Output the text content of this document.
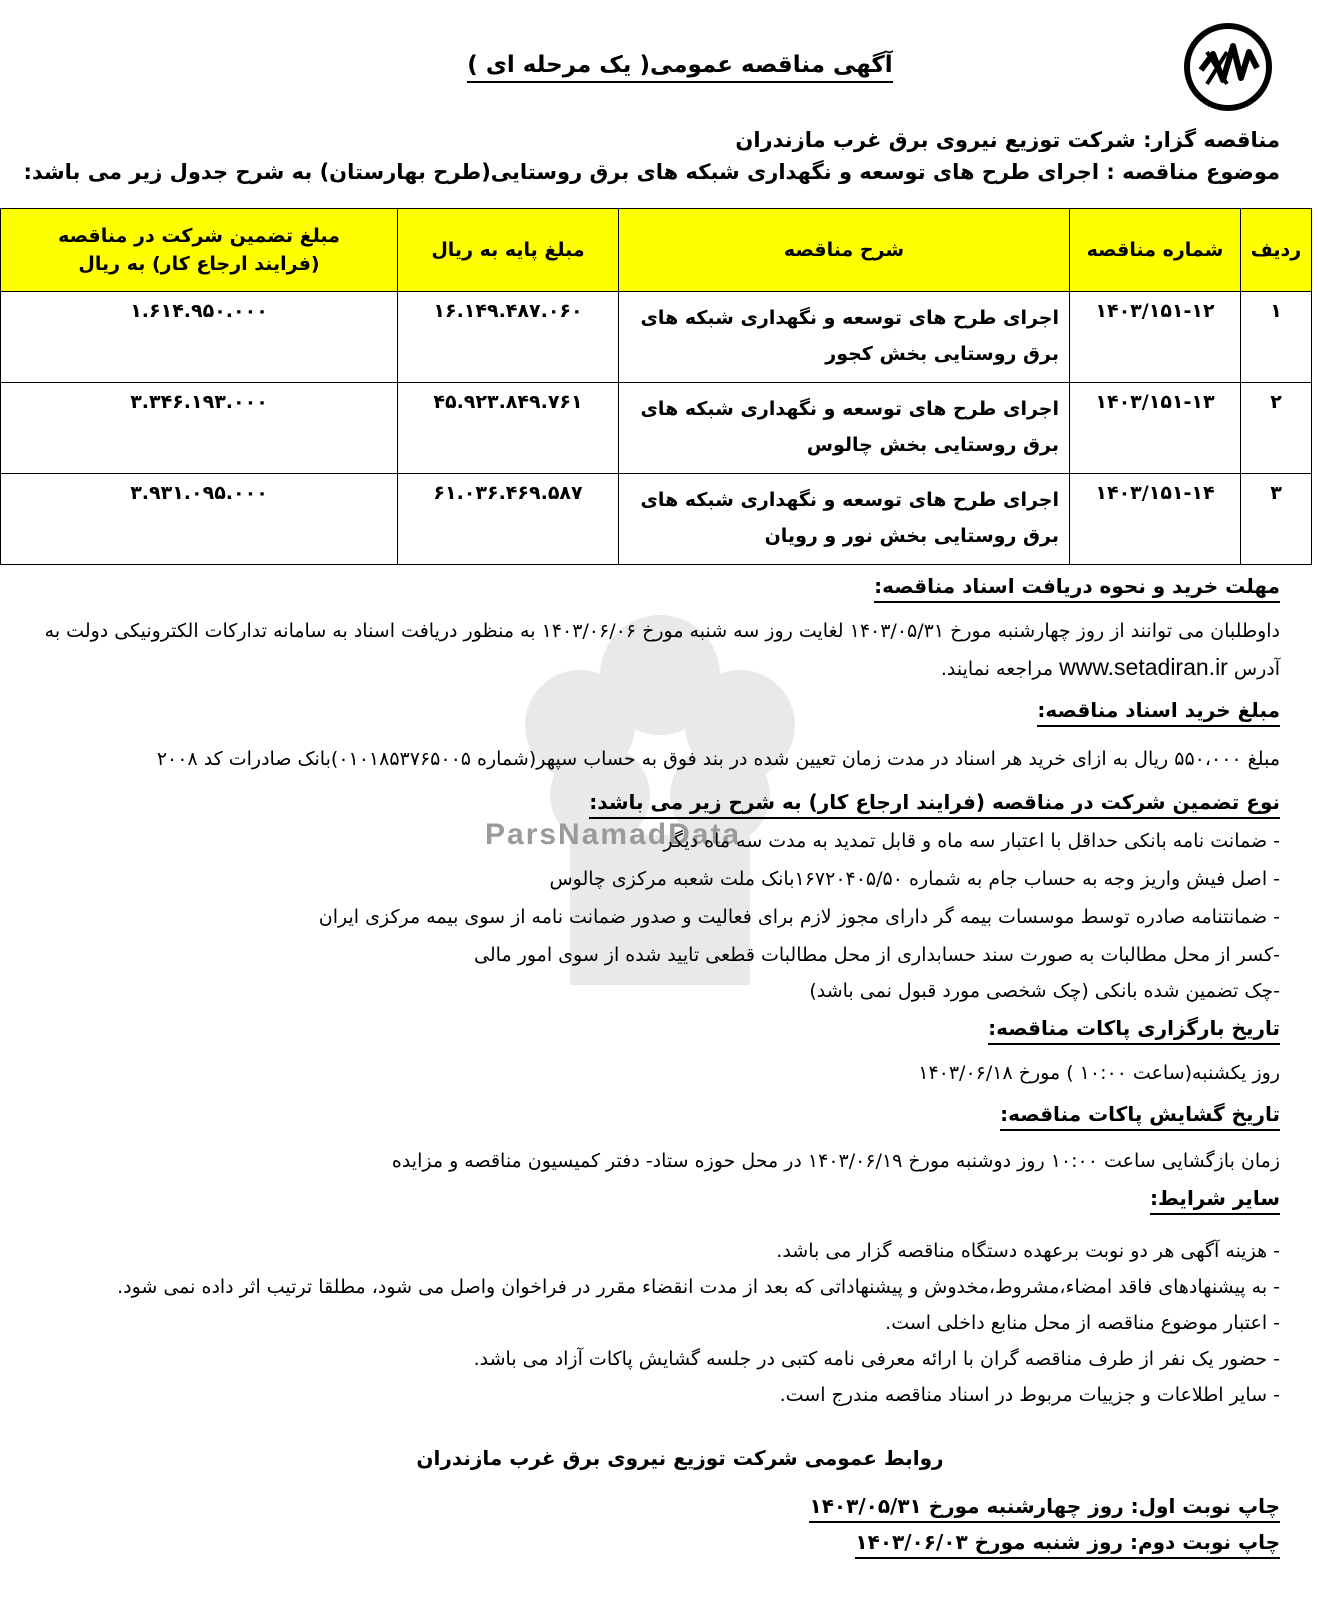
آگهی مناقصه عمومی( یک مرحله ای )
مناقصه گزار: شرکت توزیع نیروی برق غرب مازندران
موضوع مناقصه : اجرای طرح های توسعه و نگهداری شبکه های برق روستایی(طرح بهارستان) به شرح جدول زیر می باشد:
ردیف	شماره مناقصه	شرح مناقصه	مبلغ پایه به ریال	مبلغ تضمین شرکت در مناقصه
(فرایند ارجاع کار) به ریال

۱	۱۴۰۳/۱۵۱-۱۲	اجرای طرح های توسعه و نگهداری شبکه های برق روستایی بخش کجور	۱۶.۱۴۹.۴۸۷.۰۶۰	۱.۶۱۴.۹۵۰.۰۰۰
۲	۱۴۰۳/۱۵۱-۱۳	اجرای طرح های توسعه و نگهداری شبکه های برق روستایی بخش چالوس	۴۵.۹۲۳.۸۴۹.۷۶۱	۳.۳۴۶.۱۹۳.۰۰۰
۳	۱۴۰۳/۱۵۱-۱۴	اجرای طرح های توسعه و نگهداری شبکه های برق روستایی بخش نور و رویان	۶۱.۰۳۶.۴۶۹.۵۸۷	۳.۹۳۱.۰۹۵.۰۰۰
ParsNamadData
مهلت خرید و نحوه دریافت اسناد مناقصه:
داوطلبان می توانند از روز چهارشنبه مورخ ۱۴۰۳/۰۵/۳۱ لغایت روز سه شنبه مورخ ۱۴۰۳/۰۶/۰۶ به منظور دریافت اسناد به سامانه تدارکات الکترونیکی دولت به
آدرس www.setadiran.ir مراجعه نمایند.
مبلغ خرید اسناد مناقصه:
مبلغ ۵۵۰،۰۰۰ ریال به ازای خرید هر اسناد در مدت زمان تعیین شده در بند فوق به حساب سپهر(شماره ۰۱۰۱۸۵۳۷۶۵۰۰۵)بانک صادرات کد ۲۰۰۸
نوع تضمین شرکت در مناقصه (فرایند ارجاع کار) به شرح زیر می باشد:
- ضمانت نامه بانکی حداقل با اعتبار سه ماه و قابل تمدید به مدت سه ماه دیگر
- اصل فیش واریز وجه به حساب جام به شماره ۱۶۷۲۰۴۰۵/۵۰بانک ملت شعبه مرکزی چالوس
- ضمانتنامه صادره توسط موسسات بیمه گر دارای مجوز لازم برای فعالیت و صدور ضمانت نامه از سوی بیمه مرکزی ایران
-کسر از محل مطالبات به صورت سند حسابداری از محل مطالبات قطعی تایید شده از سوی امور مالی
-چک تضمین شده بانکی (چک شخصی مورد قبول نمی باشد)
تاریخ بارگزاری پاکات مناقصه:
روز یکشنبه(ساعت ۱۰:۰۰ ) مورخ ۱۴۰۳/۰۶/۱۸
تاریخ گشایش پاکات مناقصه:
زمان بازگشایی ساعت ۱۰:۰۰ روز دوشنبه مورخ ۱۴۰۳/۰۶/۱۹ در محل حوزه ستاد- دفتر کمیسیون مناقصه و مزایده
سایر شرایط:
- هزینه آگهی هر دو نوبت برعهده دستگاه مناقصه گزار می باشد.
- به پیشنهادهای فاقد امضاء،مشروط،مخدوش و پیشنهاداتی که بعد از مدت انقضاء مقرر در فراخوان واصل می شود، مطلقا ترتیب اثر داده نمی شود.
- اعتبار موضوع مناقصه از محل منابع داخلی است.
- حضور یک نفر از طرف مناقصه گران با ارائه معرفی نامه کتبی در جلسه گشایش پاکات آزاد می باشد.
- سایر اطلاعات و جزییات مربوط در اسناد مناقصه مندرج است.
روابط عمومی شرکت توزیع نیروی برق غرب مازندران
چاپ نوبت اول: روز چهارشنبه مورخ ۱۴۰۳/۰۵/۳۱
چاپ نوبت دوم: روز شنبه مورخ ۱۴۰۳/۰۶/۰۳
